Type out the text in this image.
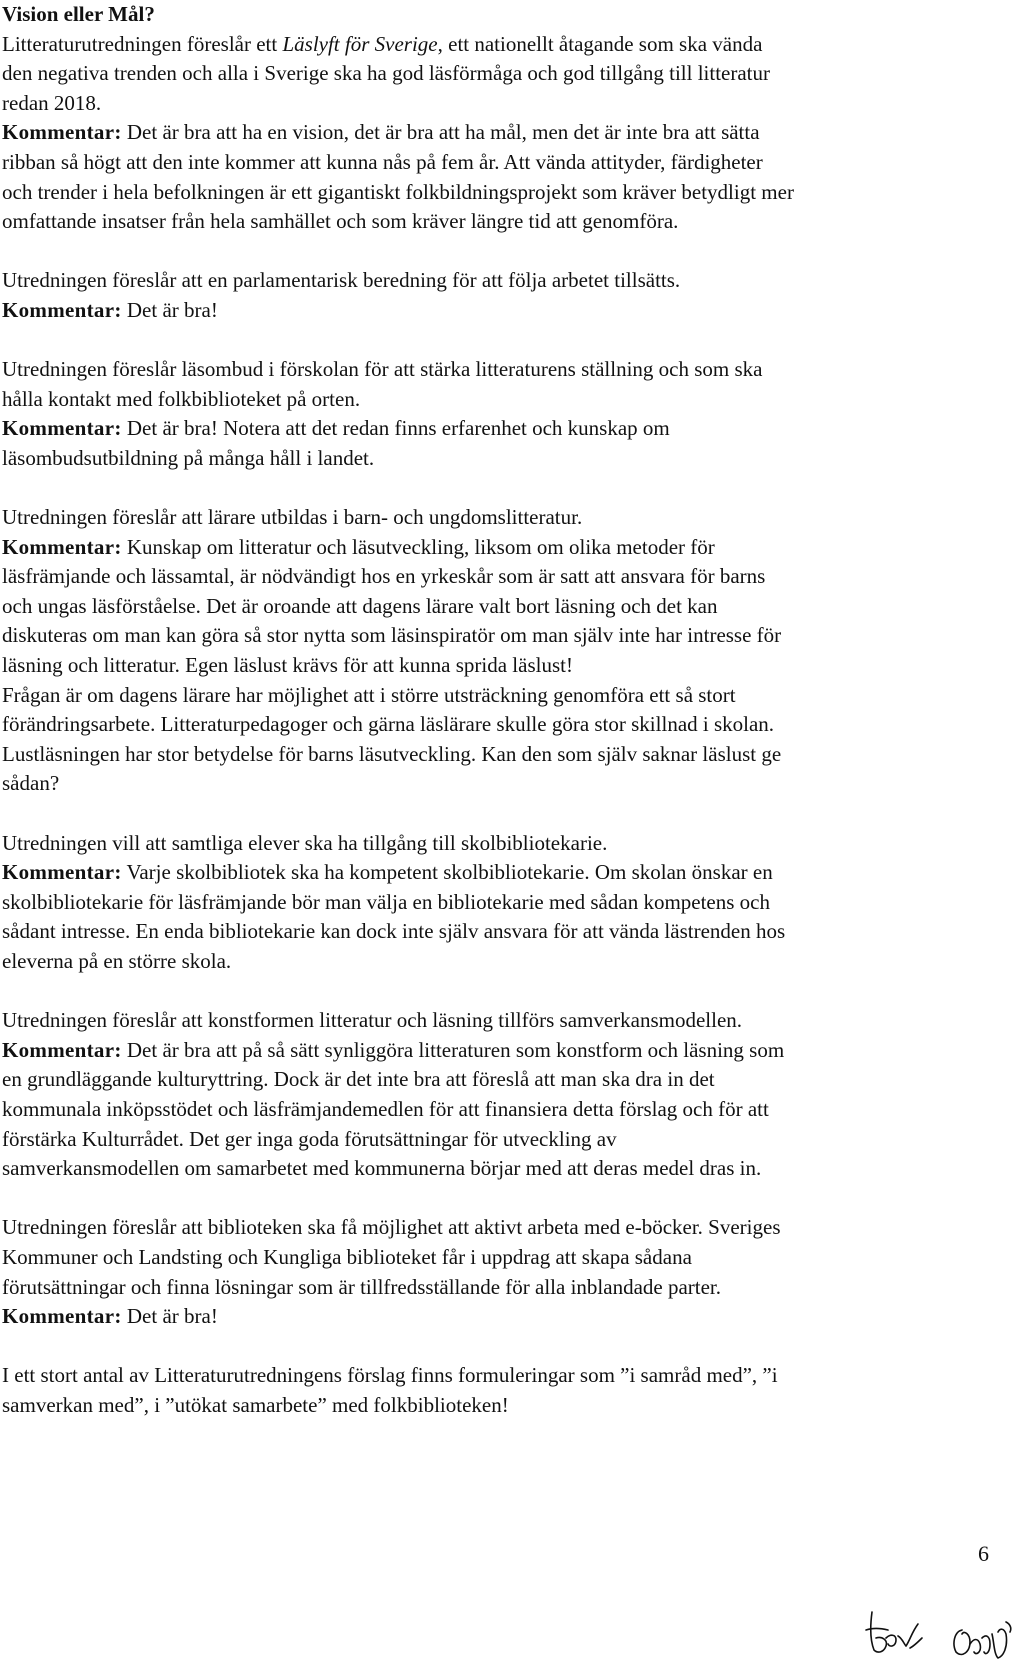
Vision eller Mål?
Litteraturutredningen föreslår ett Läslyft för Sverige, ett nationellt åtagande som ska vända
den negativa trenden och alla i Sverige ska ha god läsförmåga och god tillgång till litteratur
redan 2018.
Kommentar: Det är bra att ha en vision, det är bra att ha mål, men det är inte bra att sätta
ribban så högt att den inte kommer att kunna nås på fem år. Att vända attityder, färdigheter
och trender i hela befolkningen är ett gigantiskt folkbildningsprojekt som kräver betydligt mer
omfattande insatser från hela samhället och som kräver längre tid att genomföra.
Utredningen föreslår att en parlamentarisk beredning för att följa arbetet tillsätts.
Kommentar: Det är bra!
Utredningen föreslår läsombud i förskolan för att stärka litteraturens ställning och som ska
hålla kontakt med folkbiblioteket på orten.
Kommentar: Det är bra! Notera att det redan finns erfarenhet och kunskap om
läsombudsutbildning på många håll i landet.
Utredningen föreslår att lärare utbildas i barn- och ungdomslitteratur.
Kommentar: Kunskap om litteratur och läsutveckling, liksom om olika metoder för
läsfrämjande och lässamtal, är nödvändigt hos en yrkeskår som är satt att ansvara för barns
och ungas läsförståelse. Det är oroande att dagens lärare valt bort läsning och det kan
diskuteras om man kan göra så stor nytta som läsinspiratör om man själv inte har intresse för
läsning och litteratur. Egen läslust krävs för att kunna sprida läslust!
Frågan är om dagens lärare har möjlighet att i större utsträckning genomföra ett så stort
förändringsarbete. Litteraturpedagoger och gärna läslärare skulle göra stor skillnad i skolan.
Lustläsningen har stor betydelse för barns läsutveckling. Kan den som själv saknar läslust ge
sådan?
Utredningen vill att samtliga elever ska ha tillgång till skolbibliotekarie.
Kommentar: Varje skolbibliotek ska ha kompetent skolbibliotekarie. Om skolan önskar en
skolbibliotekarie för läsfrämjande bör man välja en bibliotekarie med sådan kompetens och
sådant intresse. En enda bibliotekarie kan dock inte själv ansvara för att vända lästrenden hos
eleverna på en större skola.
Utredningen föreslår att konstformen litteratur och läsning tillförs samverkansmodellen.
Kommentar: Det är bra att på så sätt synliggöra litteraturen som konstform och läsning som
en grundläggande kulturyttring. Dock är det inte bra att föreslå att man ska dra in det
kommunala inköpsstödet och läsfrämjandemedlen för att finansiera detta förslag och för att
förstärka Kulturrådet. Det ger inga goda förutsättningar för utveckling av
samverkansmodellen om samarbetet med kommunerna börjar med att deras medel dras in.
Utredningen föreslår att biblioteken ska få möjlighet att aktivt arbeta med e-böcker. Sveriges
Kommuner och Landsting och Kungliga biblioteket får i uppdrag att skapa sådana
förutsättningar och finna lösningar som är tillfredsställande för alla inblandade parter.
Kommentar: Det är bra!
I ett stort antal av Litteraturutredningens förslag finns formuleringar som ”i samråd med”, ”i
samverkan med”, i ”utökat samarbete” med folkbiblioteken!
6
